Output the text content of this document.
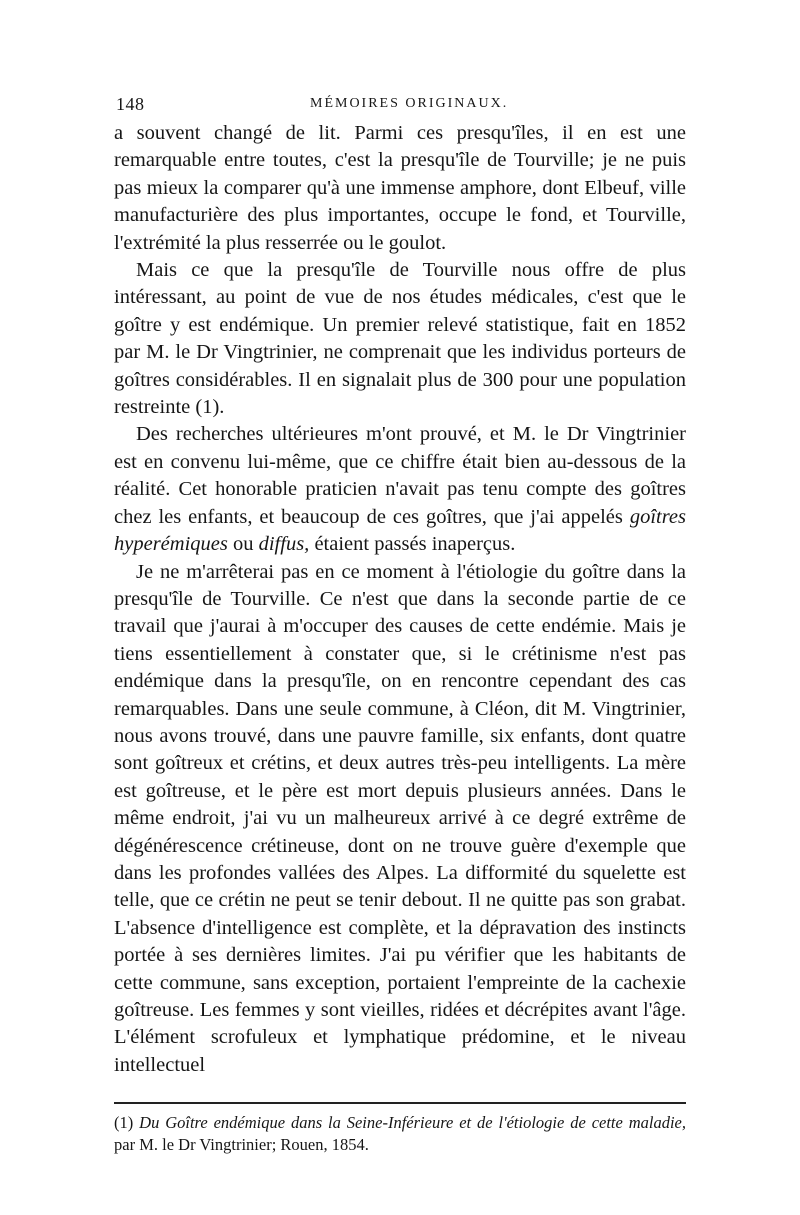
148	MÉMOIRES ORIGINAUX.

a souvent changé de lit. Parmi ces presqu'îles, il en est une remarquable entre toutes, c'est la presqu'île de Tourville; je ne puis pas mieux la comparer qu'à une immense amphore, dont Elbeuf, ville manufacturière des plus importantes, occupe le fond, et Tourville, l'extrémité la plus resserrée ou le goulot.

Mais ce que la presqu'île de Tourville nous offre de plus intéressant, au point de vue de nos études médicales, c'est que le goître y est endémique. Un premier relevé statistique, fait en 1852 par M. le Dr Vingtrinier, ne comprenait que les individus porteurs de goîtres considérables. Il en signalait plus de 300 pour une population restreinte (1).

Des recherches ultérieures m'ont prouvé, et M. le Dr Vingtrinier est en convenu lui-même, que ce chiffre était bien au-dessous de la réalité. Cet honorable praticien n'avait pas tenu compte des goîtres chez les enfants, et beaucoup de ces goîtres, que j'ai appelés goîtres hyperémiques ou diffus, étaient passés inaperçus.

Je ne m'arrêterai pas en ce moment à l'étiologie du goître dans la presqu'île de Tourville. Ce n'est que dans la seconde partie de ce travail que j'aurai à m'occuper des causes de cette endémie. Mais je tiens essentiellement à constater que, si le crétinisme n'est pas endémique dans la presqu'île, on en rencontre cependant des cas remarquables. Dans une seule commune, à Cléon, dit M. Vingtrinier, nous avons trouvé, dans une pauvre famille, six enfants, dont quatre sont goîtreux et crétins, et deux autres très-peu intelligents. La mère est goîtreuse, et le père est mort depuis plusieurs années. Dans le même endroit, j'ai vu un malheureux arrivé à ce degré extrême de dégénérescence crétineuse, dont on ne trouve guère d'exemple que dans les profondes vallées des Alpes. La difformité du squelette est telle, que ce crétin ne peut se tenir debout. Il ne quitte pas son grabat. L'absence d'intelligence est complète, et la dépravation des instincts portée à ses dernières limites. J'ai pu vérifier que les habitants de cette commune, sans exception, portaient l'empreinte de la cachexie goîtreuse. Les femmes y sont vieilles, ridées et décrépites avant l'âge. L'élément scrofuleux et lymphatique prédomine, et le niveau intellectuel

(1) Du Goître endémique dans la Seine-Inférieure et de l'étiologie de cette maladie, par M. le Dr Vingtrinier; Rouen, 1854.
